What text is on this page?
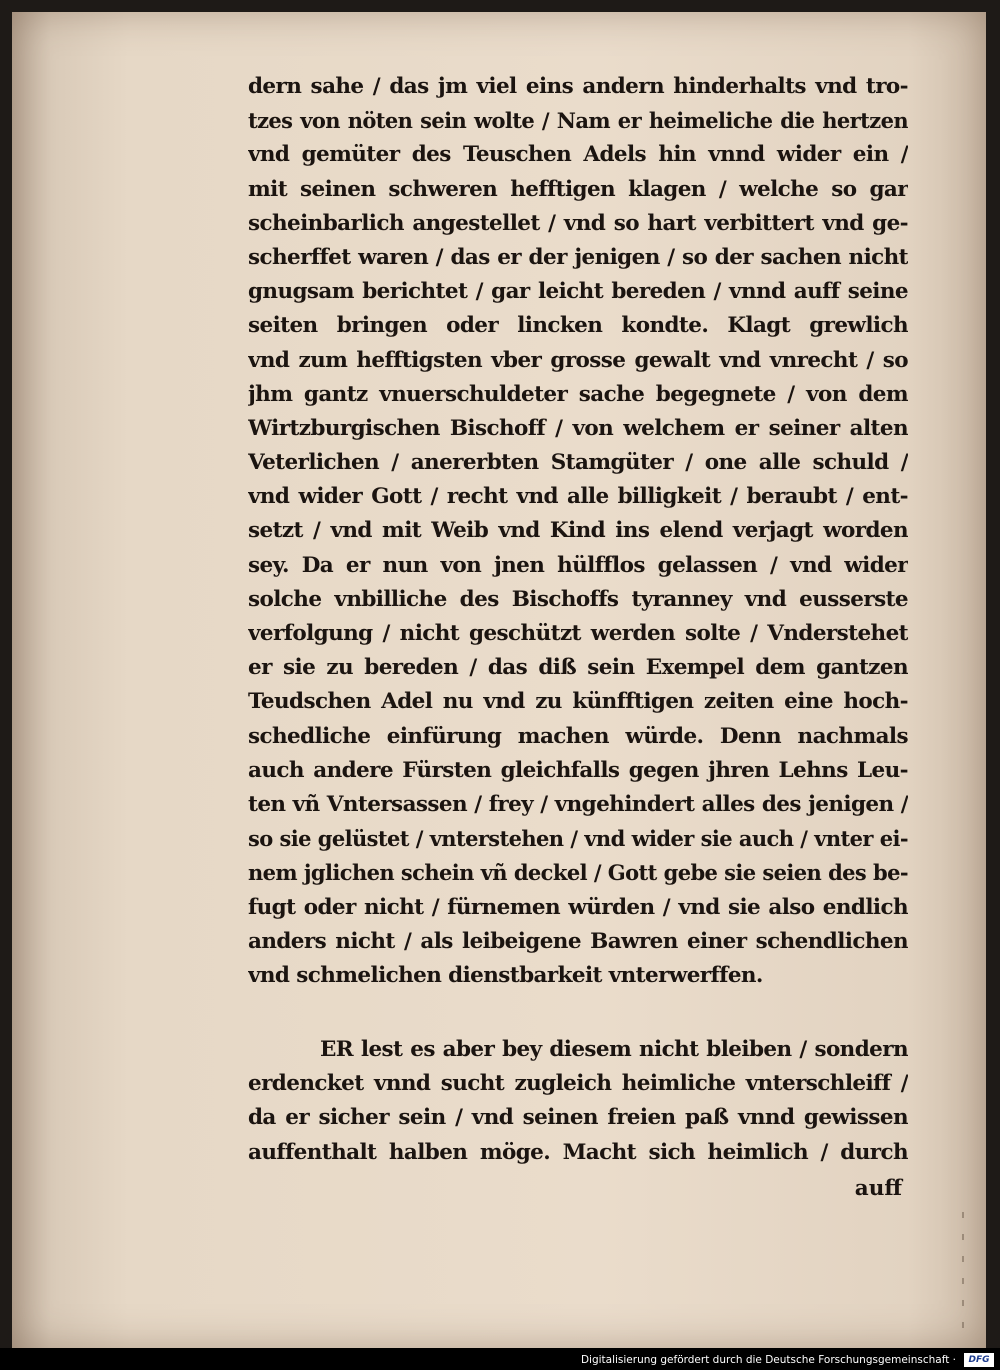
dern sahe / das jm viel eins andern hinderhalts vnd tro-
tzes von nöten sein wolte / Nam er heimeliche die hertzen
vnd gemüter des Teuschen Adels hin vnnd wider ein /
mit seinen schweren hefftigen klagen / welche so gar
scheinbarlich angestellet / vnd so hart verbittert vnd ge-
scherffet waren / das er der jenigen / so der sachen nicht
gnugsam berichtet / gar leicht bereden / vnnd auff seine
seiten bringen oder lincken kondte. Klagt grewlich
vnd zum hefftigsten vber grosse gewalt vnd vnrecht / so
jhm gantz vnuerschuldeter sache begegnete / von dem
Wirtzburgischen Bischoff / von welchem er seiner alten
Veterlichen / anererbten Stamgüter / one alle schuld /
vnd wider Gott / recht vnd alle billigkeit / beraubt / ent-
setzt / vnd mit Weib vnd Kind ins elend verjagt worden
sey. Da er nun von jnen hülfflos gelassen / vnd wider
solche vnbilliche des Bischoffs tyranney vnd eusserste
verfolgung / nicht geschützt werden solte / Vnderstehet
er sie zu bereden / das diß sein Exempel dem gantzen
Teudschen Adel nu vnd zu künfftigen zeiten eine hoch-
schedliche einfürung machen würde. Denn nachmals
auch andere Fürsten gleichfalls gegen jhren Lehns Leu-
ten vñ Vntersassen / frey / vngehindert alles des jenigen /
so sie gelüstet / vnterstehen / vnd wider sie auch / vnter ei-
nem jglichen schein vñ deckel / Gott gebe sie seien des be-
fugt oder nicht / fürnemen würden / vnd sie also endlich
anders nicht / als leibeigene Bawren einer schendlichen
vnd schmelichen dienstbarkeit vnterwerffen.
ER lest es aber bey diesem nicht bleiben / sondern
erdencket vnnd sucht zugleich heimliche vnterschleiff /
da er sicher sein / vnd seinen freien paß vnnd gewissen
auffenthalt halben möge. Macht sich heimlich / durch
auff
Digitalisierung gefördert durch die Deutsche Forschungsgemeinschaft ·	DFG
